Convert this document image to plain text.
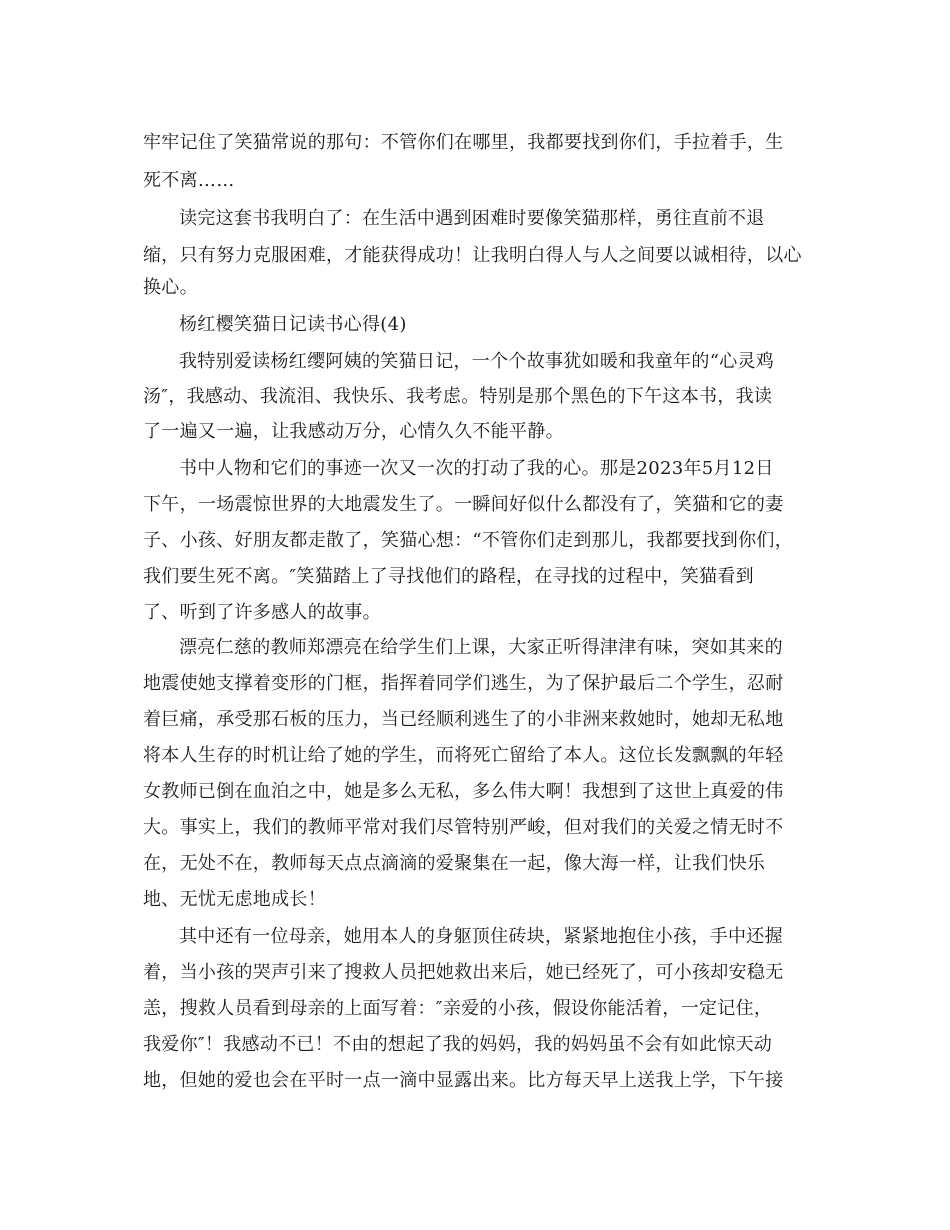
牢牢记住了笑猫常说的那句：不管你们在哪里，我都要找到你们，手拉着手，生
死不离……
读完这套书我明白了：在生活中遇到困难时要像笑猫那样，勇往直前不退
缩，只有努力克服困难，才能获得成功！让我明白得人与人之间要以诚相待，以心
换心。
杨红樱笑猫日记读书心得(4)
我特别爱读杨红缨阿姨的笑猫日记，一个个故事犹如暖和我童年的“心灵鸡
汤″，我感动、我流泪、我快乐、我考虑。特别是那个黑色的下午这本书，我读
了一遍又一遍，让我感动万分，心情久久不能平静。
书中人物和它们的事迹一次又一次的打动了我的心。那是2023年5月12日
下午，一场震惊世界的大地震发生了。一瞬间好似什么都没有了，笑猫和它的妻
子、小孩、好朋友都走散了，笑猫心想：“不管你们走到那儿，我都要找到你们，
我们要生死不离。″笑猫踏上了寻找他们的路程，在寻找的过程中，笑猫看到
了、听到了许多感人的故事。
漂亮仁慈的教师郑漂亮在给学生们上课，大家正听得津津有味，突如其来的
地震使她支撑着变形的门框，指挥着同学们逃生，为了保护最后二个学生，忍耐
着巨痛，承受那石板的压力，当已经顺利逃生了的小非洲来救她时，她却无私地
将本人生存的时机让给了她的学生，而将死亡留给了本人。这位长发飘飘的年轻
女教师已倒在血泊之中，她是多么无私，多么伟大啊！我想到了这世上真爱的伟
大。事实上，我们的教师平常对我们尽管特别严峻，但对我们的关爱之情无时不
在，无处不在，教师每天点点滴滴的爱聚集在一起，像大海一样，让我们快乐
地、无忧无虑地成长！
其中还有一位母亲，她用本人的身躯顶住砖块，紧紧地抱住小孩，手中还握
着，当小孩的哭声引来了搜救人员把她救出来后，她已经死了，可小孩却安稳无
恙，搜救人员看到母亲的上面写着：″亲爱的小孩，假设你能活着，一定记住，
我爱你″！我感动不已！不由的想起了我的妈妈，我的妈妈虽不会有如此惊天动
地，但她的爱也会在平时一点一滴中显露出来。比方每天早上送我上学，下午接
